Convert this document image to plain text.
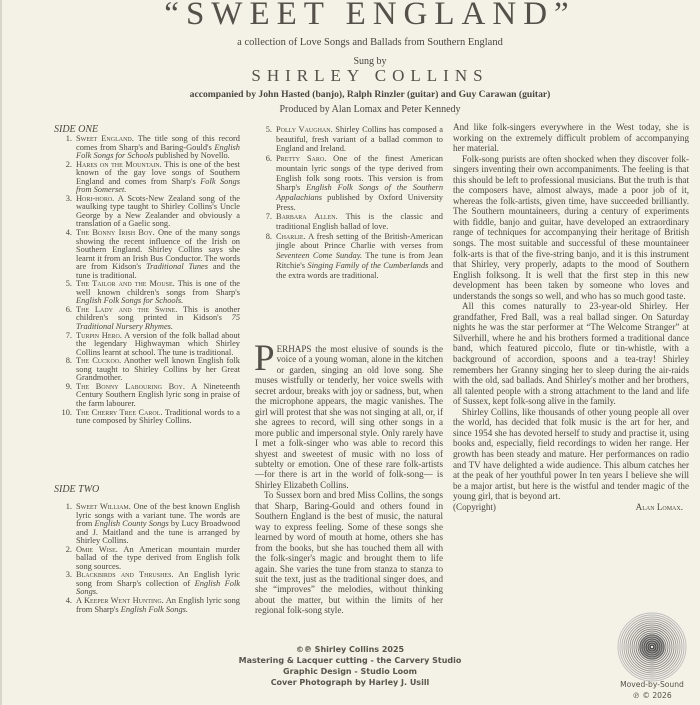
“SWEET ENGLAND”
a collection of Love Songs and Ballads from Southern England
Sung by
SHIRLEY COLLINS
accompanied by John Hasted (banjo), Ralph Rinzler (guitar) and Guy Carawan (guitar)
Produced by Alan Lomax and Peter Kennedy
SIDE ONE
1. Sweet England. The title song of this record comes from Sharp's and Baring-Gould's English Folk Songs for Schools published by Novello.
2. Hares on the Mountain. This is one of the best known of the gay love songs of Southern England and comes from Sharp's Folk Songs from Somerset.
3. Hori-horo. A Scots-New Zealand song of the waulking type taught to Shirley Collins's Uncle George by a New Zealander and obviously a translation of a Gaelic song.
4. The Bonny Irish Boy. One of the many songs showing the recent influence of the Irish on Southern England. Shirley Collins says she learnt it from an Irish Bus Conductor. The words are from Kidson's Traditional Tunes and the tune is traditional.
5. The Tailor and the Mouse. This is one of the well known children's songs from Sharp's English Folk Songs for Schools.
6. The Lady and the Swine. This is another children's song printed in Kidson's 75 Traditional Nursery Rhymes.
7. Turpin Hero. A version of the folk ballad about the legendary Highwayman which Shirley Collins learnt at school. The tune is traditional.
8. The Cuckoo. Another well known English folk song taught to Shirley Collins by her Great Grandmother.
9. The Bonny Labouring Boy. A Nineteenth Century Southern English lyric song in praise of the farm labourer.
10. The Cherry Tree Carol. Traditional words to a tune composed by Shirley Collins.
SIDE TWO
1. Sweet William. One of the best known English lyric songs with a variant tune. The words are from English County Songs by Lucy Broadwood and J. Maitland and the tune is arranged by Shirley Collins.
2. Omie Wise. An American mountain murder ballad of the type derived from English folk song sources.
3. Blackbirds and Thrushes. An English lyric song from Sharp's collection of English Folk Songs.
4. A Keeper Went Hunting. An English lyric song from Sharp's English Folk Songs.
5. Polly Vaughan. Shirley Collins has composed a beautiful, fresh variant of a ballad common to England and Ireland.
6. Pretty Saro. One of the finest American mountain lyric songs of the type derived from English folk song roots. This version is from Sharp's English Folk Songs of the Southern Appalachians published by Oxford University Press.
7. Barbara Allen. This is the classic and traditional English ballad of love.
8. Charlie. A fresh setting of the British-American jingle about Prince Charlie with verses from Seventeen Come Sunday. The tune is from Jean Ritchie's Singing Family of the Cumberlands and the extra words are traditional.

PERHAPS the most elusive of sounds is the voice of a young woman, alone in the kitchen or garden, singing an old love song. She muses wistfully or tenderly, her voice swells with secret ardour, breaks with joy or sadness, but, when the microphone appears, the magic vanishes. The girl will protest that she was not singing at all, or, if she agrees to record, will sing other songs in a more public and impersonal style. Only rarely have I met a folk-singer who was able to record this shyest and sweetest of music with no loss of subtelty or emotion. One of these rare folk-artists—for there is art in the world of folk-song— is Shirley Elizabeth Collins.

To Sussex born and bred Miss Collins, the songs that Sharp, Baring-Gould and others found in Southern England is the best of music, the natural way to express feeling. Some of these songs she learned by word of mouth at home, others she has from the books, but she has touched them all with the folk-singer's magic and brought them to life again. She varies the tune from stanza to stanza to suit the text, just as the traditional singer does, and she “improves” the melodies, without thinking about the matter, but within the limits of her regional folk-song style.

And like folk-singers everywhere in the West today, she is working on the extremely difficult problem of accompanying her material.

Folk-song purists are often shocked when they discover folk-singers inventing their own accompaniments. The feeling is that this should be left to professional musicians. But the truth is that the composers have, almost always, made a poor job of it, whereas the folk-artists, given time, have succeeded brilliantly. The Southern mountaineers, during a century of experiments with fiddle, banjo and guitar, have developed an extraordinary range of techniques for accompanying their heritage of British songs. The most suitable and successful of these mountaineer folk-arts is that of the five-string banjo, and it is this instrument that Shirley, very properly, adapts to the mood of Southern English folksong. It is well that the first step in this new development has been taken by someone who loves and understands the songs so well, and who has so much good taste.

All this comes naturally to 23-year-old Shirley. Her grandfather, Fred Ball, was a real ballad singer. On Saturday nights he was the star performer at “The Welcome Stranger” at Silverhill, where he and his brothers formed a traditional dance band, which featured piccolo, flute or tin-whistle, with a background of accordion, spoons and a tea-tray! Shirley remembers her Granny singing her to sleep during the air-raids with the old, sad ballads. And Shirley's mother and her brothers, all talented people with a strong attachment to the land and life of Sussex, kept folk-song alive in the family.

Shirley Collins, like thousands of other young people all over the world, has decided that folk music is the art for her, and since 1954 she has devoted herself to study and practise it, using books and, especially, field recordings to widen her range. Her growth has been steady and mature. Her performances on radio and TV have delighted a wide audience. This album catches her at the peak of her youthful power In ten years I believe she will be a major artist, but here is the wistful and tender magic of the young girl, that is beyond art.

(Copyright)	Alan Lomax.
©℗ Shirley Collins 2025
Mastering & Lacquer cutting - the Carvery Studio
Graphic Design - Studio Loom
Cover Photograph by Harley J. Usill	Moved-by-Sound
℗ © 2026
